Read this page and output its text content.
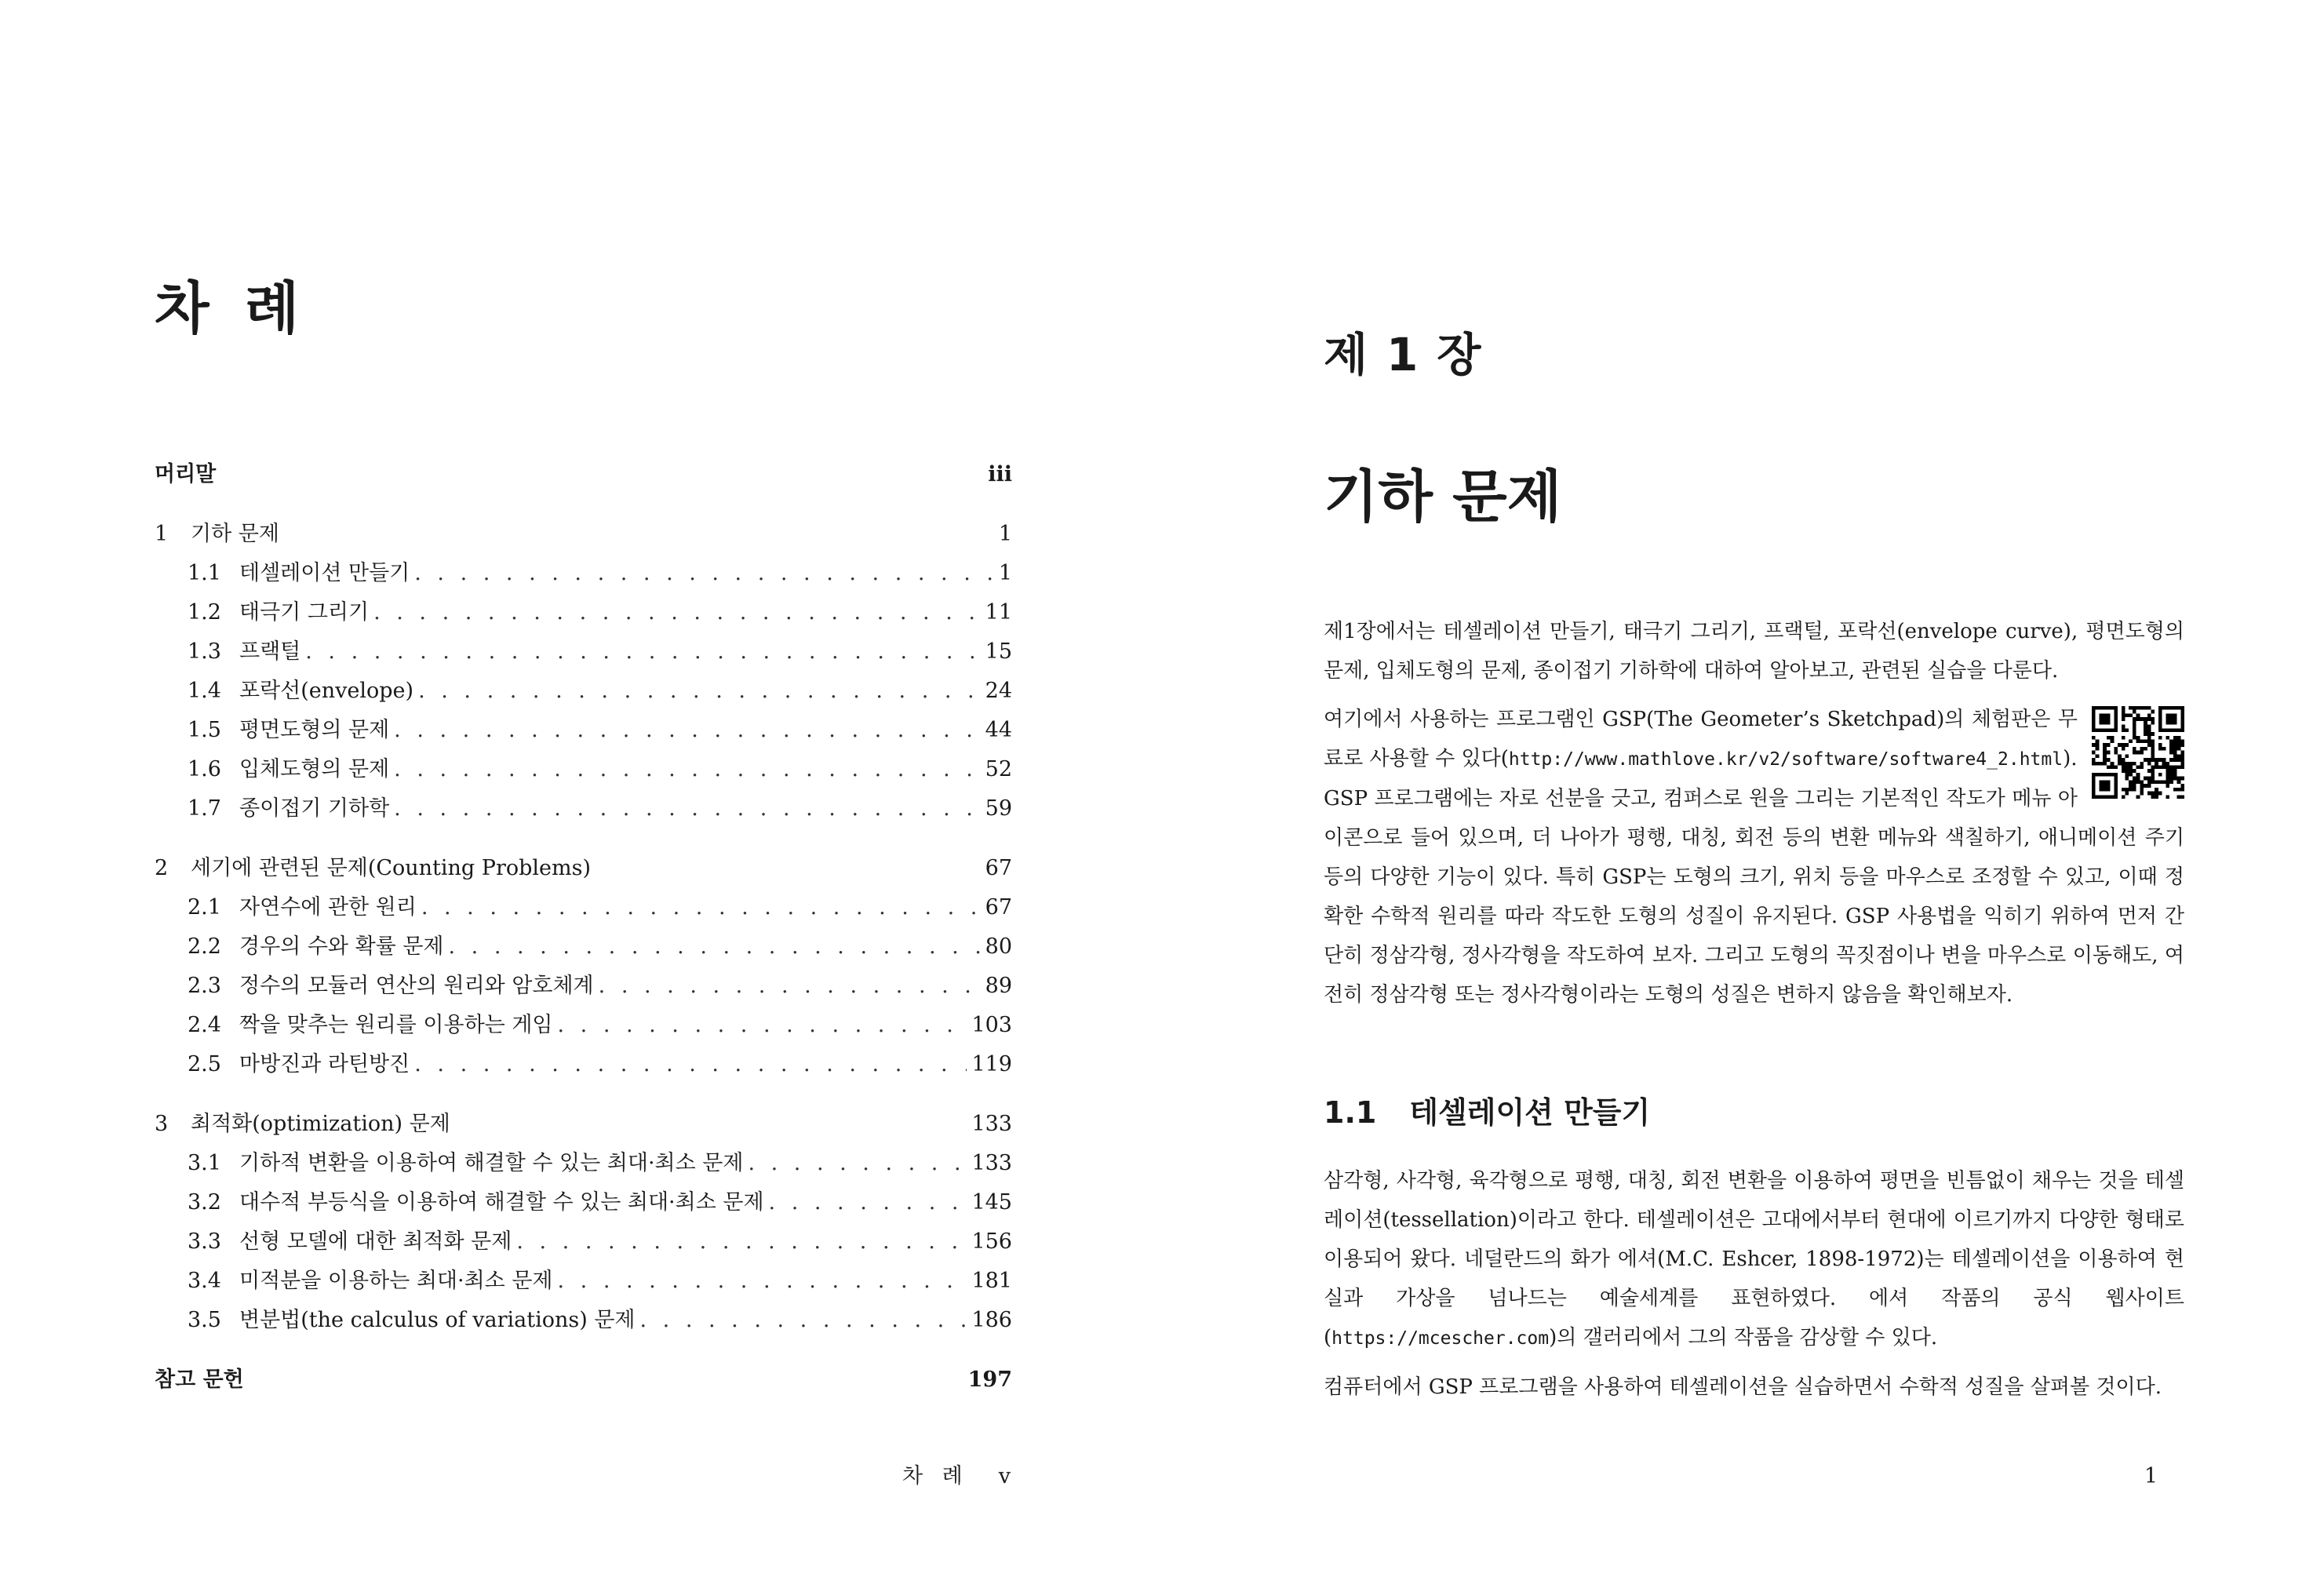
차 례
머리말	iii
1	기하 문제	1
1.1 테셀레이션 만들기 . . .	1
1.2 태극기 그리기 . . .	11
1.3 프랙털 . . .	15
1.4 포락선(envelope) . . .	24
1.5 평면도형의 문제 . . .	44
1.6 입체도형의 문제 . . .	52
1.7 종이접기 기하학 . . .	59
2	세기에 관련된 문제(Counting Problems)	67
2.1 자연수에 관한 원리 . . .	67
2.2 경우의 수와 확률 문제 . . .	80
2.3 정수의 모듈러 연산의 원리와 암호체계 . . .	89
2.4 짝을 맞추는 원리를 이용하는 게임 . . .	103
2.5 마방진과 라틴방진 . . .	119
3	최적화(optimization) 문제	133
3.1 기하적 변환을 이용하여 해결할 수 있는 최대·최소 문제 . . .	133
3.2 대수적 부등식을 이용하여 해결할 수 있는 최대·최소 문제 . . .	145
3.3 선형 모델에 대한 최적화 문제 . . .	156
3.4 미적분을 이용하는 최대·최소 문제 . . .	181
3.5 변분법(the calculus of variations) 문제 . . .	186
참고 문헌	197
차 례 v
제 1 장
기하 문제

제1장에서는 테셀레이션 만들기, 태극기 그리기, 프랙털, 포락선(envelope curve), 평면도형의 문제, 입체도형의 문제, 종이접기 기하학에 대하여 알아보고, 관련된 실습을 다룬다.

여기에서 사용하는 프로그램인 GSP(The Geometer’s Sketchpad)의 체험판은 무료로 사용할 수 있다(http://www.mathlove.kr/v2/software/software4_2.html).

GSP 프로그램에는 자로 선분을 긋고, 컴퍼스로 원을 그리는 기본적인 작도가 메뉴 아이콘으로 들어 있으며, 더 나아가 평행, 대칭, 회전 등의 변환 메뉴와 색칠하기, 애니메이션 주기 등의 다양한 기능이 있다. 특히 GSP는 도형의 크기, 위치 등을 마우스로 조정할 수 있고, 이때 정확한 수학적 원리를 따라 작도한 도형의 성질이 유지된다. GSP 사용법을 익히기 위하여 먼저 간단히 정삼각형, 정사각형을 작도하여 보자. 그리고 도형의 꼭짓점이나 변을 마우스로 이동해도, 여전히 정삼각형 또는 정사각형이라는 도형의 성질은 변하지 않음을 확인해보자.

1.1 테셀레이션 만들기

삼각형, 사각형, 육각형으로 평행, 대칭, 회전 변환을 이용하여 평면을 빈틈없이 채우는 것을 테셀레이션(tessellation)이라고 한다. 테셀레이션은 고대에서부터 현대에 이르기까지 다양한 형태로 이용되어 왔다. 네덜란드의 화가 에셔(M.C. Eshcer, 1898-1972)는 테셀레이션을 이용하여 현실과 가상을 넘나드는 예술세계를 표현하였다. 에셔 작품의 공식 웹사이트(https://mcescher.com)의 갤러리에서 그의 작품을 감상할 수 있다.

컴퓨터에서 GSP 프로그램을 사용하여 테셀레이션을 실습하면서 수학적 성질을 살펴볼 것이다.

1
